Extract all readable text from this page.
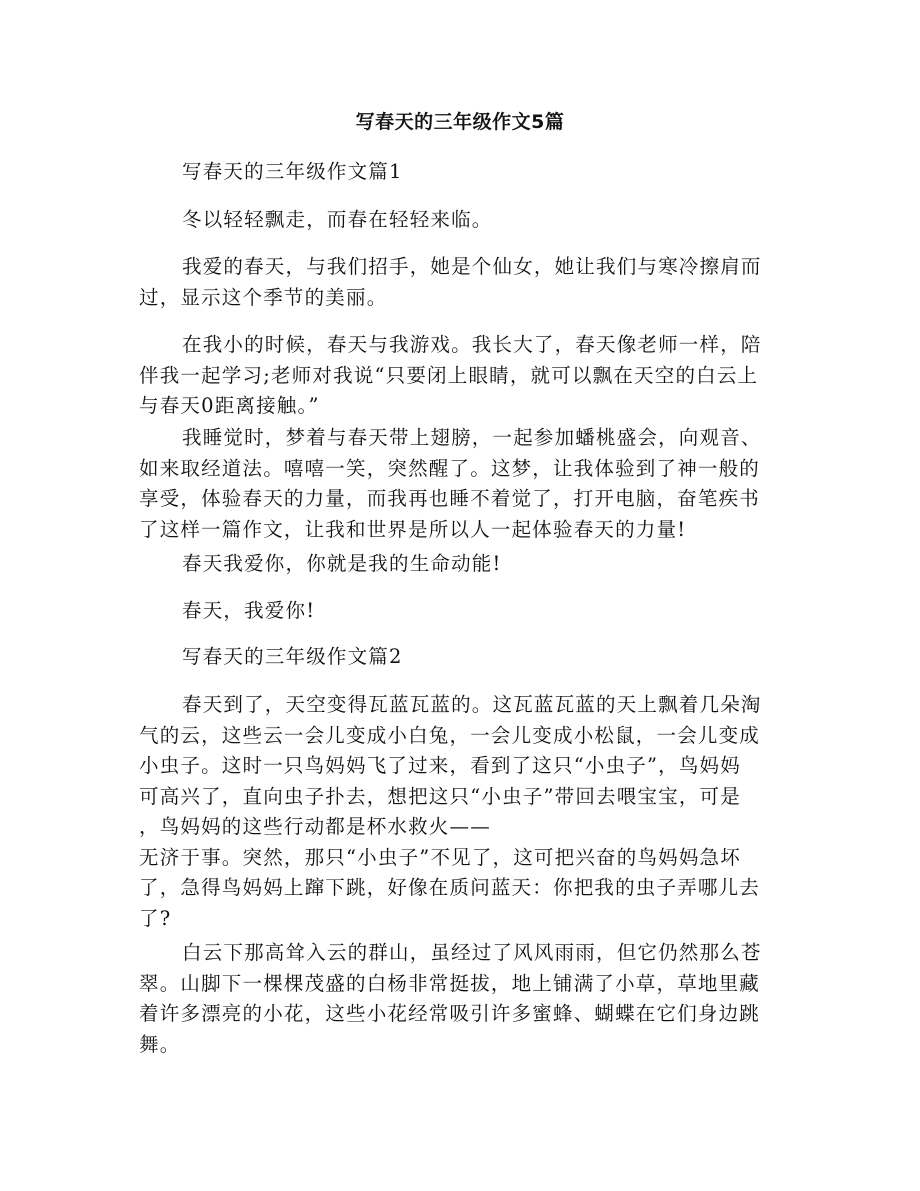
写春天的三年级作文5篇
写春天的三年级作文篇1
冬以轻轻飘走，而春在轻轻来临。
我爱的春天，与我们招手，她是个仙女，她让我们与寒冷擦肩而
过，显示这个季节的美丽。
在我小的时候，春天与我游戏。我长大了，春天像老师一样，陪
伴我一起学习;老师对我说“只要闭上眼睛，就可以飘在天空的白云上
与春天0距离接触。”
我睡觉时，梦着与春天带上翅膀，一起参加蟠桃盛会，向观音、
如来取经道法。嘻嘻一笑，突然醒了。这梦，让我体验到了神一般的
享受，体验春天的力量，而我再也睡不着觉了，打开电脑，奋笔疾书
了这样一篇作文，让我和世界是所以人一起体验春天的力量!
春天我爱你，你就是我的生命动能!
春天，我爱你!
写春天的三年级作文篇2
春天到了，天空变得瓦蓝瓦蓝的。这瓦蓝瓦蓝的天上飘着几朵淘
气的云，这些云一会儿变成小白兔，一会儿变成小松鼠，一会儿变成
小虫子。这时一只鸟妈妈飞了过来，看到了这只“小虫子”，鸟妈妈
可高兴了，直向虫子扑去，想把这只“小虫子”带回去喂宝宝，可是
，鸟妈妈的这些行动都是杯水救火——
无济于事。突然，那只“小虫子”不见了，这可把兴奋的鸟妈妈急坏
了，急得鸟妈妈上蹿下跳，好像在质问蓝天：你把我的虫子弄哪儿去
了?
白云下那高耸入云的群山，虽经过了风风雨雨，但它仍然那么苍
翠。山脚下一棵棵茂盛的白杨非常挺拔，地上铺满了小草，草地里藏
着许多漂亮的小花，这些小花经常吸引许多蜜蜂、蝴蝶在它们身边跳
舞。
